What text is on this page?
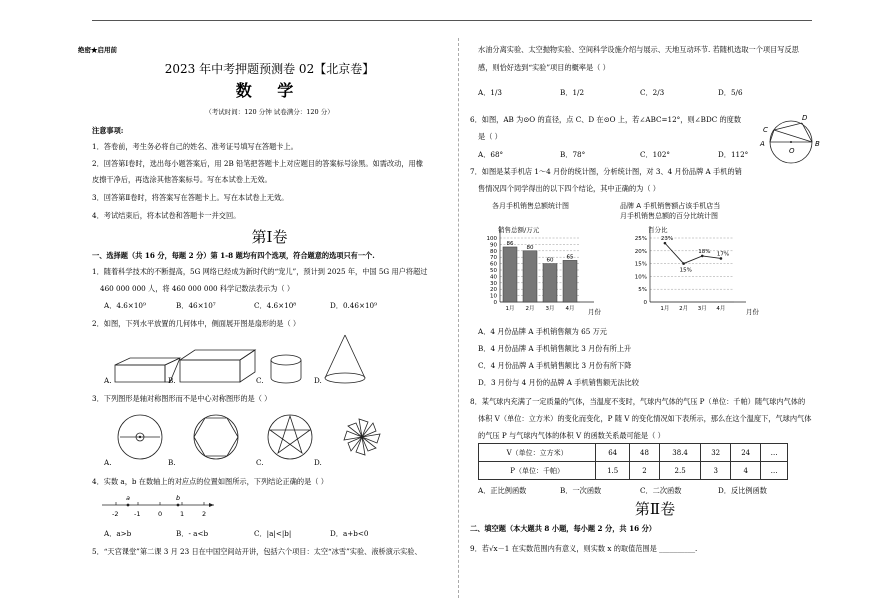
绝密★启用前
2023 年中考押题预测卷 02【北京卷】
数 学
（考试时间：120 分钟 试卷满分：120 分）
注意事项:
1．答卷前，考生务必将自己的姓名、准考证号填写在答题卡上。
2．回答第Ⅰ卷时，选出每小题答案后，用 2B 铅笔把答题卡上对应题目的答案标号涂黑。如需改动，用橡
皮擦干净后，再选涂其他答案标号。写在本试卷上无效。
3．回答第Ⅱ卷时，将答案写在答题卡上。写在本试卷上无效。
4．考试结束后，将本试卷和答题卡一并交回。
第Ⅰ卷
一、选择题（共 16 分，每题 2 分）第 1-8 题均有四个选项，符合题意的选项只有一个.
1．随着科学技术的不断提高，5G 网络已经成为新时代的“宠儿”，预计到 2025 年，中国 5G 用户将超过
460 000 000 人，将 460 000 000 科学记数法表示为（ ）
A．4.6×10⁹	B．46×10⁷	C．4.6×10⁸	D．0.46×10⁹
2．如图，下列水平放置的几何体中，侧面展开图是扇形的是（ ）
A.	B.	C.	D.
3．下列图形是轴对称图形而不是中心对称图形的是（ ）
A.	B.	C.	D.
4．实数 a，b 在数轴上的对应点的位置如图所示，下列结论正确的是（ ）
a	b
-2 -1	0	1	2
A．a>b	B．- a<b	C．|a|<|b|	D．a+b<0
5．“天宫课堂”第二课 3 月 23 日在中国空间站开讲，包括六个项目：太空“冰雪”实验、液桥演示实验、
水油分离实验、太空抛物实验、空间科学设施介绍与展示、天地互动环节. 若随机选取一个项目写反思
感，则恰好选到“实验”项目的概率是（ ）
A．1/3	B．1/2	C．2/3	D．5/6
6．如图，AB 为⊙O 的直径，点 C、D 在⊙O 上，若∠ABC=12°，则∠BDC 的度数
是（ ）
A．68°	B．78°	C．102°	D．112°
C
D
A
O
B
7．如图是某手机店 1～4 月份的统计图，分析统计图，对 3、4 月份品牌 A 手机的销
售情况四个同学得出的以下四个结论，其中正确的为（ ）
各月手机销售总额统计图
销售总额/万元
月份
0
10
20
30
40
50
60
70
80
90
100
86
1月
80
2月
60
3月
65
4月
品牌 A 手机销售额占该手机店当
月手机销售总额的百分比统计图
百分比
月份
0
5%
10%
15%
20%
25%	23%
1月
15%
2月
18%
3月
17%
4月
A．4 月份品牌 A 手机销售额为 65 万元
B．4 月份品牌 A 手机销售额比 3 月份有所上升
C．4 月份品牌 A 手机销售额比 3 月份有所下降
D．3 月份与 4 月份的品牌 A 手机销售额无法比较
8．某气球内充满了一定质量的气体，当温度不变时，气球内气体的气压 P（单位：千帕）随气球内气体的
体积 V（单位：立方米）的变化而变化，P 随 V 的变化情况如下表所示，那么在这个温度下，气球内气体
的气压 P 与气球内气体的体积 V 的函数关系最可能是（ ）
V（单位：立方米）	64	48	38.4	32	24	…
P（单位：千帕）	1.5	2	2.5	3	4	…
A．正比例函数	B．一次函数	C．二次函数	D．反比例函数
第Ⅱ卷
二、填空题（本大题共 8 小题，每小题 2 分，共 16 分）
9．若√x－1 在实数范围内有意义，则实数 x 的取值范围是 __________.
